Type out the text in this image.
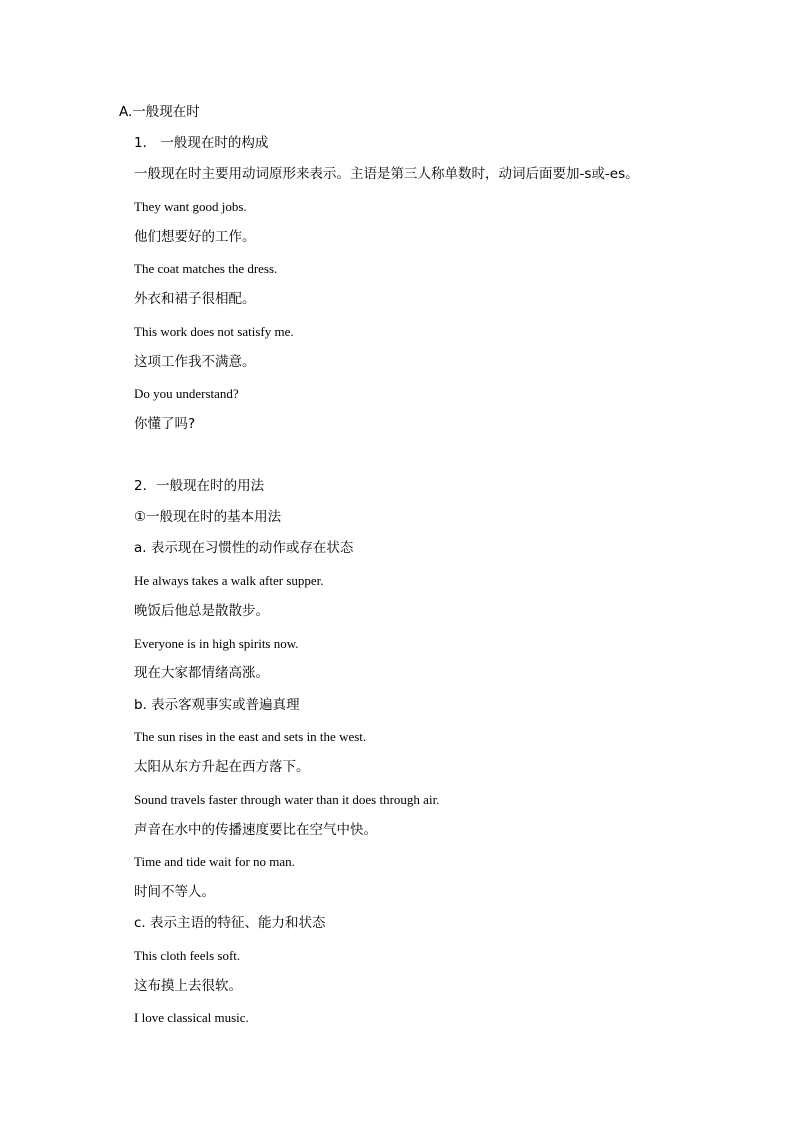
A.一般现在时
1． 一般现在时的构成
一般现在时主要用动词原形来表示。主语是第三人称单数时，动词后面要加-s或-es。
They want good jobs.
他们想要好的工作。
The coat matches the dress.
外衣和裙子很相配。
This work does not satisfy me.
这项工作我不满意。
Do you understand?
你懂了吗?
2．一般现在时的用法
①一般现在时的基本用法
a. 表示现在习惯性的动作或存在状态
He always takes a walk after supper.
晚饭后他总是散散步。
Everyone is in high spirits now.
现在大家都情绪高涨。
b. 表示客观事实或普遍真理
The sun rises in the east and sets in the west.
太阳从东方升起在西方落下。
Sound travels faster through water than it does through air.
声音在水中的传播速度要比在空气中快。
Time and tide wait for no man.
时间不等人。
c. 表示主语的特征、能力和状态
This cloth feels soft.
这布摸上去很软。
I love classical music.
